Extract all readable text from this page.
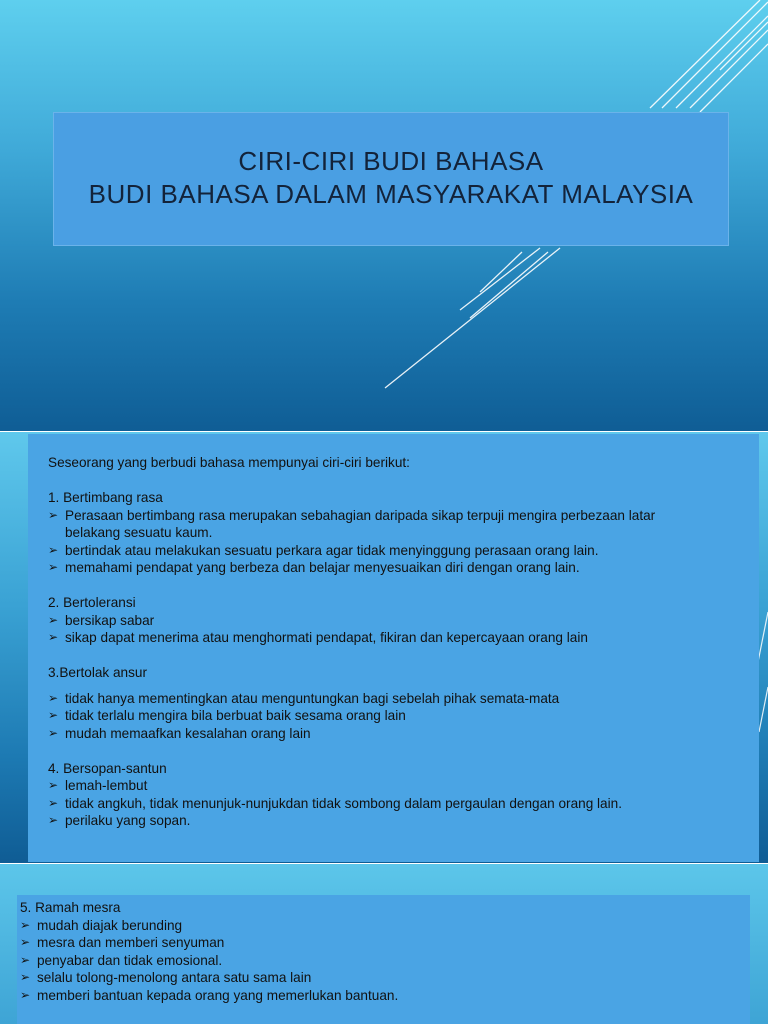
CIRI-CIRI BUDI BAHASA
BUDI BAHASA DALAM MASYARAKAT MALAYSIA
Seseorang yang berbudi bahasa mempunyai ciri-ciri berikut:
1. Bertimbang rasa
➢ Perasaan bertimbang rasa merupakan sebahagian daripada sikap terpuji mengira perbezaan latar
belakang sesuatu kaum.
➢ bertindak atau melakukan sesuatu perkara agar tidak menyinggung perasaan orang lain.
➢ memahami pendapat yang berbeza dan belajar menyesuaikan diri dengan orang lain.
2. Bertoleransi
➢ bersikap sabar
➢ sikap dapat menerima atau menghormati pendapat, fikiran dan kepercayaan orang lain
3.Bertolak ansur
➢ tidak hanya mementingkan atau menguntungkan bagi sebelah pihak semata-mata
➢ tidak terlalu mengira bila berbuat baik sesama orang lain
➢ mudah memaafkan kesalahan orang lain
4. Bersopan-santun
➢ lemah-lembut
➢ tidak angkuh, tidak menunjuk-nunjukdan tidak sombong dalam pergaulan dengan orang lain.
➢ perilaku yang sopan.
5. Ramah mesra
➢ mudah diajak berunding
➢ mesra dan memberi senyuman
➢ penyabar dan tidak emosional.
➢ selalu tolong-menolong antara satu sama lain
➢ memberi bantuan kepada orang yang memerlukan bantuan.
